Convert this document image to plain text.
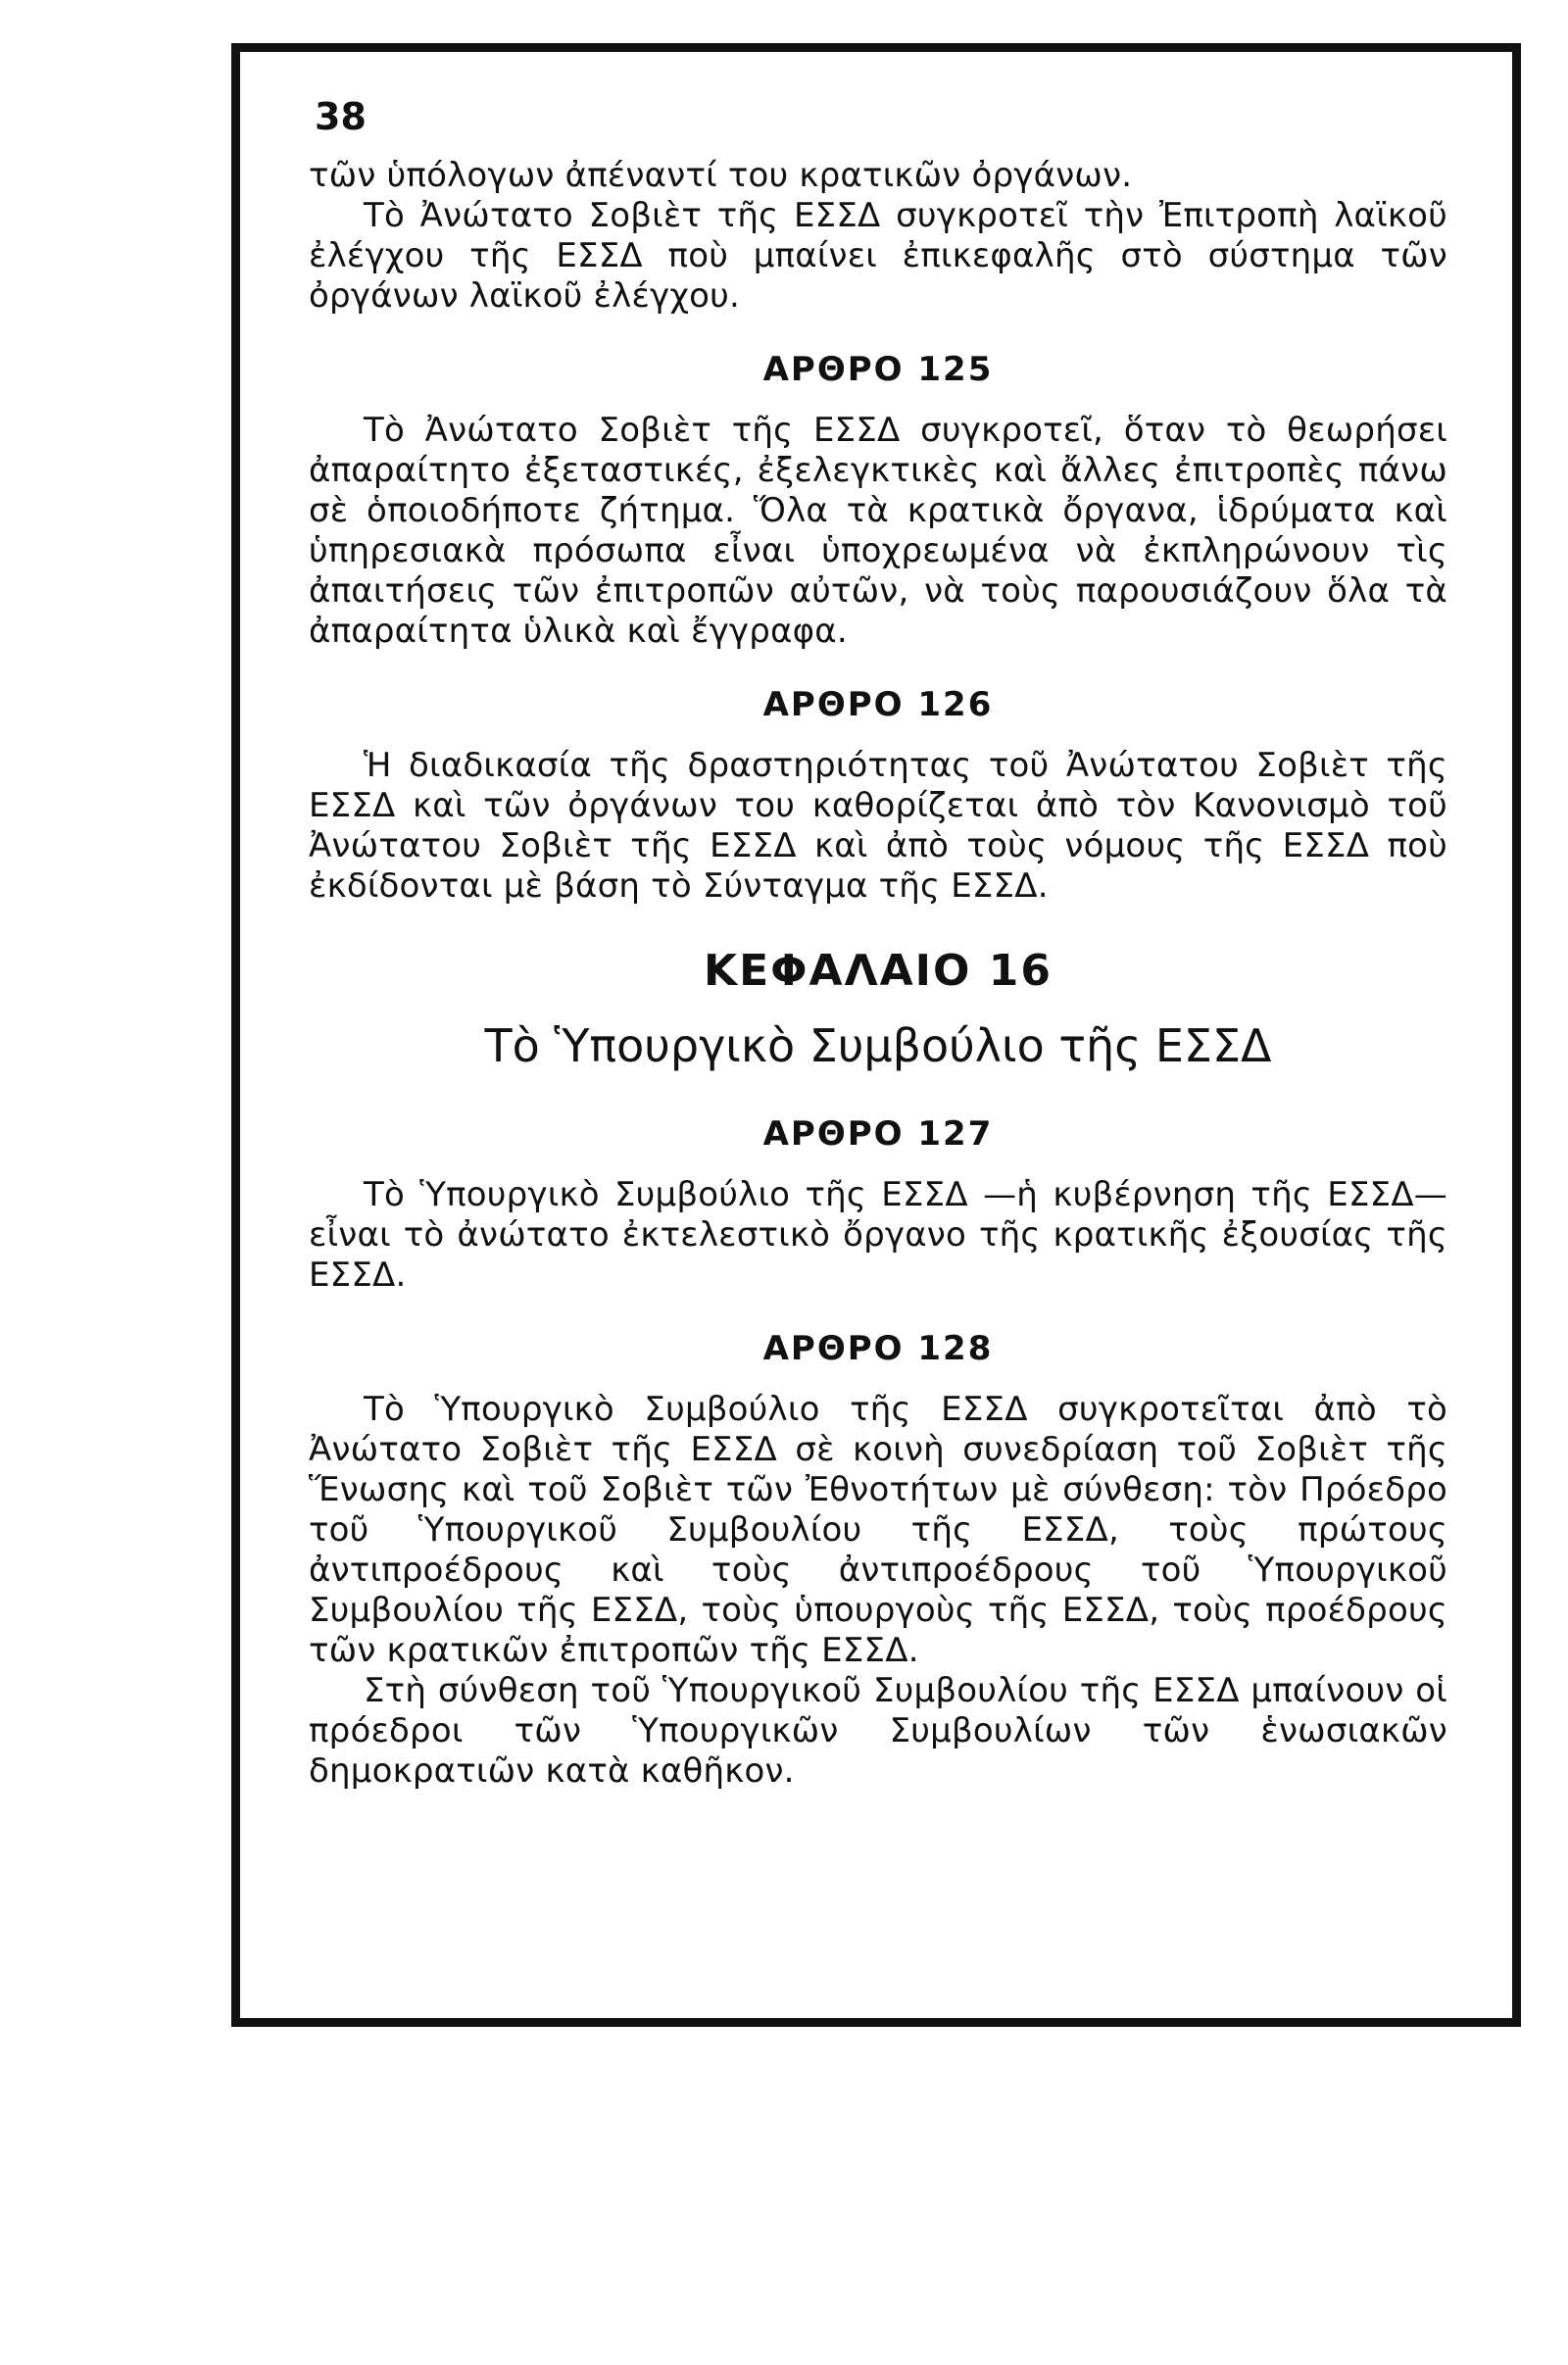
38

τῶν ὑπόλογων ἀπέναντί του κρατικῶν ὀργάνων.

Τὸ Ἀνώτατο Σοβιὲτ τῆς ΕΣΣΔ συγκροτεῖ τὴν Ἐπιτροπὴ λαϊκοῦ ἐλέγχου τῆς ΕΣΣΔ ποὺ μπαίνει ἐπικεφαλῆς στὸ σύστημα τῶν ὀργάνων λαϊκοῦ ἐλέγχου.

ΑΡΘΡΟ 125

Τὸ Ἀνώτατο Σοβιὲτ τῆς ΕΣΣΔ συγκροτεῖ, ὅταν τὸ θεωρήσει ἀπαραίτητο ἐξεταστικές, ἐξελεγκτικὲς καὶ ἄλλες ἐπιτροπὲς πάνω σὲ ὁποιοδήποτε ζήτημα. Ὅλα τὰ κρατικὰ ὄργανα, ἱδρύματα καὶ ὑπηρεσιακὰ πρόσωπα εἶναι ὑποχρεωμένα νὰ ἐκπληρώνουν τὶς ἀπαιτήσεις τῶν ἐπιτροπῶν αὐτῶν, νὰ τοὺς παρουσιάζουν ὅλα τὰ ἀπαραίτητα ὑλικὰ καὶ ἔγγραφα.

ΑΡΘΡΟ 126

Ἡ διαδικασία τῆς δραστηριότητας τοῦ Ἀνώτατου Σοβιὲτ τῆς ΕΣΣΔ καὶ τῶν ὀργάνων του καθορίζεται ἀπὸ τὸν Κανονισμὸ τοῦ Ἀνώτατου Σοβιὲτ τῆς ΕΣΣΔ καὶ ἀπὸ τοὺς νόμους τῆς ΕΣΣΔ ποὺ ἐκδίδονται μὲ βάση τὸ Σύνταγμα τῆς ΕΣΣΔ.

ΚΕΦΑΛΑΙΟ 16
Τὸ Ὑπουργικὸ Συμβούλιο τῆς ΕΣΣΔ
ΑΡΘΡΟ 127

Τὸ Ὑπουργικὸ Συμβούλιο τῆς ΕΣΣΔ —ἡ κυβέρνηση τῆς ΕΣΣΔ— εἶναι τὸ ἀνώτατο ἐκτελεστικὸ ὄργανο τῆς κρατικῆς ἐξουσίας τῆς ΕΣΣΔ.

ΑΡΘΡΟ 128

Τὸ Ὑπουργικὸ Συμβούλιο τῆς ΕΣΣΔ συγκροτεῖται ἀπὸ τὸ Ἀνώτατο Σοβιὲτ τῆς ΕΣΣΔ σὲ κοινὴ συνεδρίαση τοῦ Σοβιὲτ τῆς Ἕνωσης καὶ τοῦ Σοβιὲτ τῶν Ἐθνοτήτων μὲ σύνθεση: τὸν Πρόεδρο τοῦ Ὑπουργικοῦ Συμβουλίου τῆς ΕΣΣΔ, τοὺς πρώτους ἀντιπροέδρους καὶ τοὺς ἀντιπροέδρους τοῦ Ὑπουργικοῦ Συμβουλίου τῆς ΕΣΣΔ, τοὺς ὑπουργοὺς τῆς ΕΣΣΔ, τοὺς προέδρους τῶν κρατικῶν ἐπιτροπῶν τῆς ΕΣΣΔ.

Στὴ σύνθεση τοῦ Ὑπουργικοῦ Συμβουλίου τῆς ΕΣΣΔ μπαίνουν οἱ πρόεδροι τῶν Ὑπουργικῶν Συμβουλίων τῶν ἑνωσιακῶν δημοκρατιῶν κατὰ καθῆκον.
